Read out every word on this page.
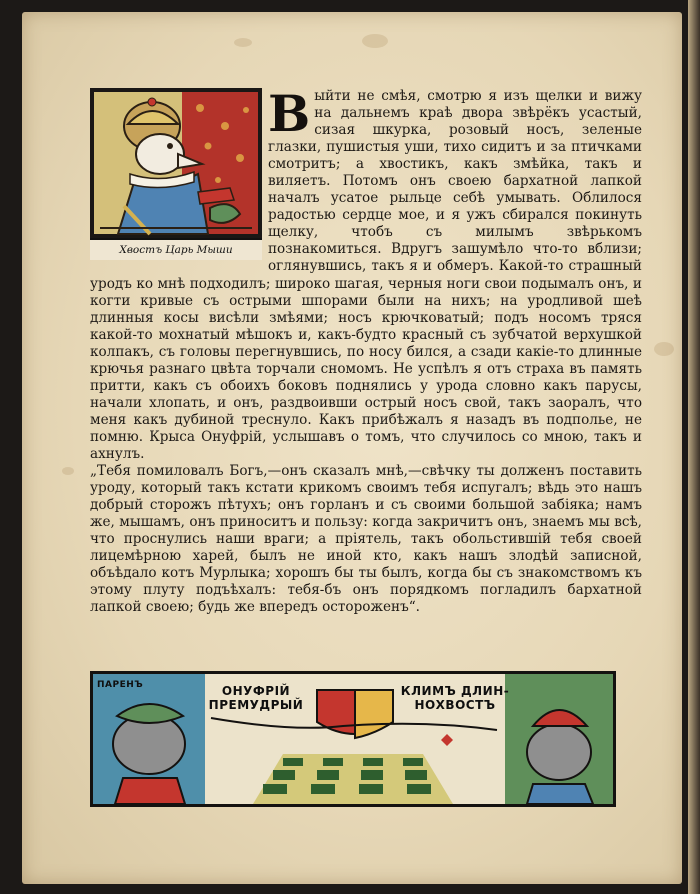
Хвостъ Царь Мыши
В ыйти не смѣя, смотрю я изъ щелки и вижу на дальнемъ краѣ двора звѣрёкъ усастый, сизая шкурка, розовый носъ, зеленые глазки, пушистыя уши, тихо сидитъ и за птичками смотритъ; а хвостикъ, какъ змѣйка, такъ и виляетъ. Потомъ онъ своею бархатной лапкой началъ усатое рыльце себѣ умывать. Облилося радостью сердце мое, и я ужъ сбирался покинуть щелку, чтобъ съ милымъ звѣрькомъ познакомиться. Вдругъ зашумѣло что-то вблизи; оглянувшись, такъ я и обмеръ. Какой-то страшный уродъ ко мнѣ подходилъ; широко шагая, черныя ноги свои подымалъ онъ, и когти кривые съ острыми шпорами были на нихъ; на уродливой шеѣ длинныя косы висѣли змѣями; носъ крючковатый; подъ носомъ тряся какой-то мохнатый мѣшокъ и, какъ-будто красный съ зубчатой верхушкой колпакъ, съ головы перегнувшись, по носу бился, а сзади какіе-то длинные крючья разнаго цвѣта торчали сномомъ. Не успѣлъ я отъ страха въ память притти, какъ съ обоихъ боковъ поднялись у урода словно какъ парусы, начали хлопать, и онъ, раздвоивши острый носъ свой, такъ заоралъ, что меня какъ дубиной треснуло. Какъ прибѣжалъ я назадъ въ подполье, не помню. Крыса Онуфрій, услышавъ о томъ, что случилось со мною, такъ и ахнулъ.

„Тебя помиловалъ Богъ,—онъ сказалъ мнѣ,—свѣчку ты долженъ поставить уроду, который такъ кстати крикомъ своимъ тебя испугалъ; вѣдь это нашъ добрый сторожъ пѣтухъ; онъ горланъ и съ своими большой забіяка; намъ же, мышамъ, онъ приноситъ и пользу: когда закричитъ онъ, знаемъ мы всѣ, что проснулись наши враги; а пріятель, такъ обольстившій тебя своей лицемѣрною харей, былъ не иной кто, какъ нашъ злодѣй записной, объѣдало котъ Мурлыка; хорошъ бы ты былъ, когда бы съ знакомствомъ къ этому плуту подъѣхалъ: тебя-бъ онъ порядкомъ погладилъ бархатной лапкой своею; будь же впередъ остороженъ“.

ПАРЕНЪ	ОНУФРІЙ
ПРЕМУДРЫЙ
КЛИМЪ ДЛИН-
НОХВОСТЪ
